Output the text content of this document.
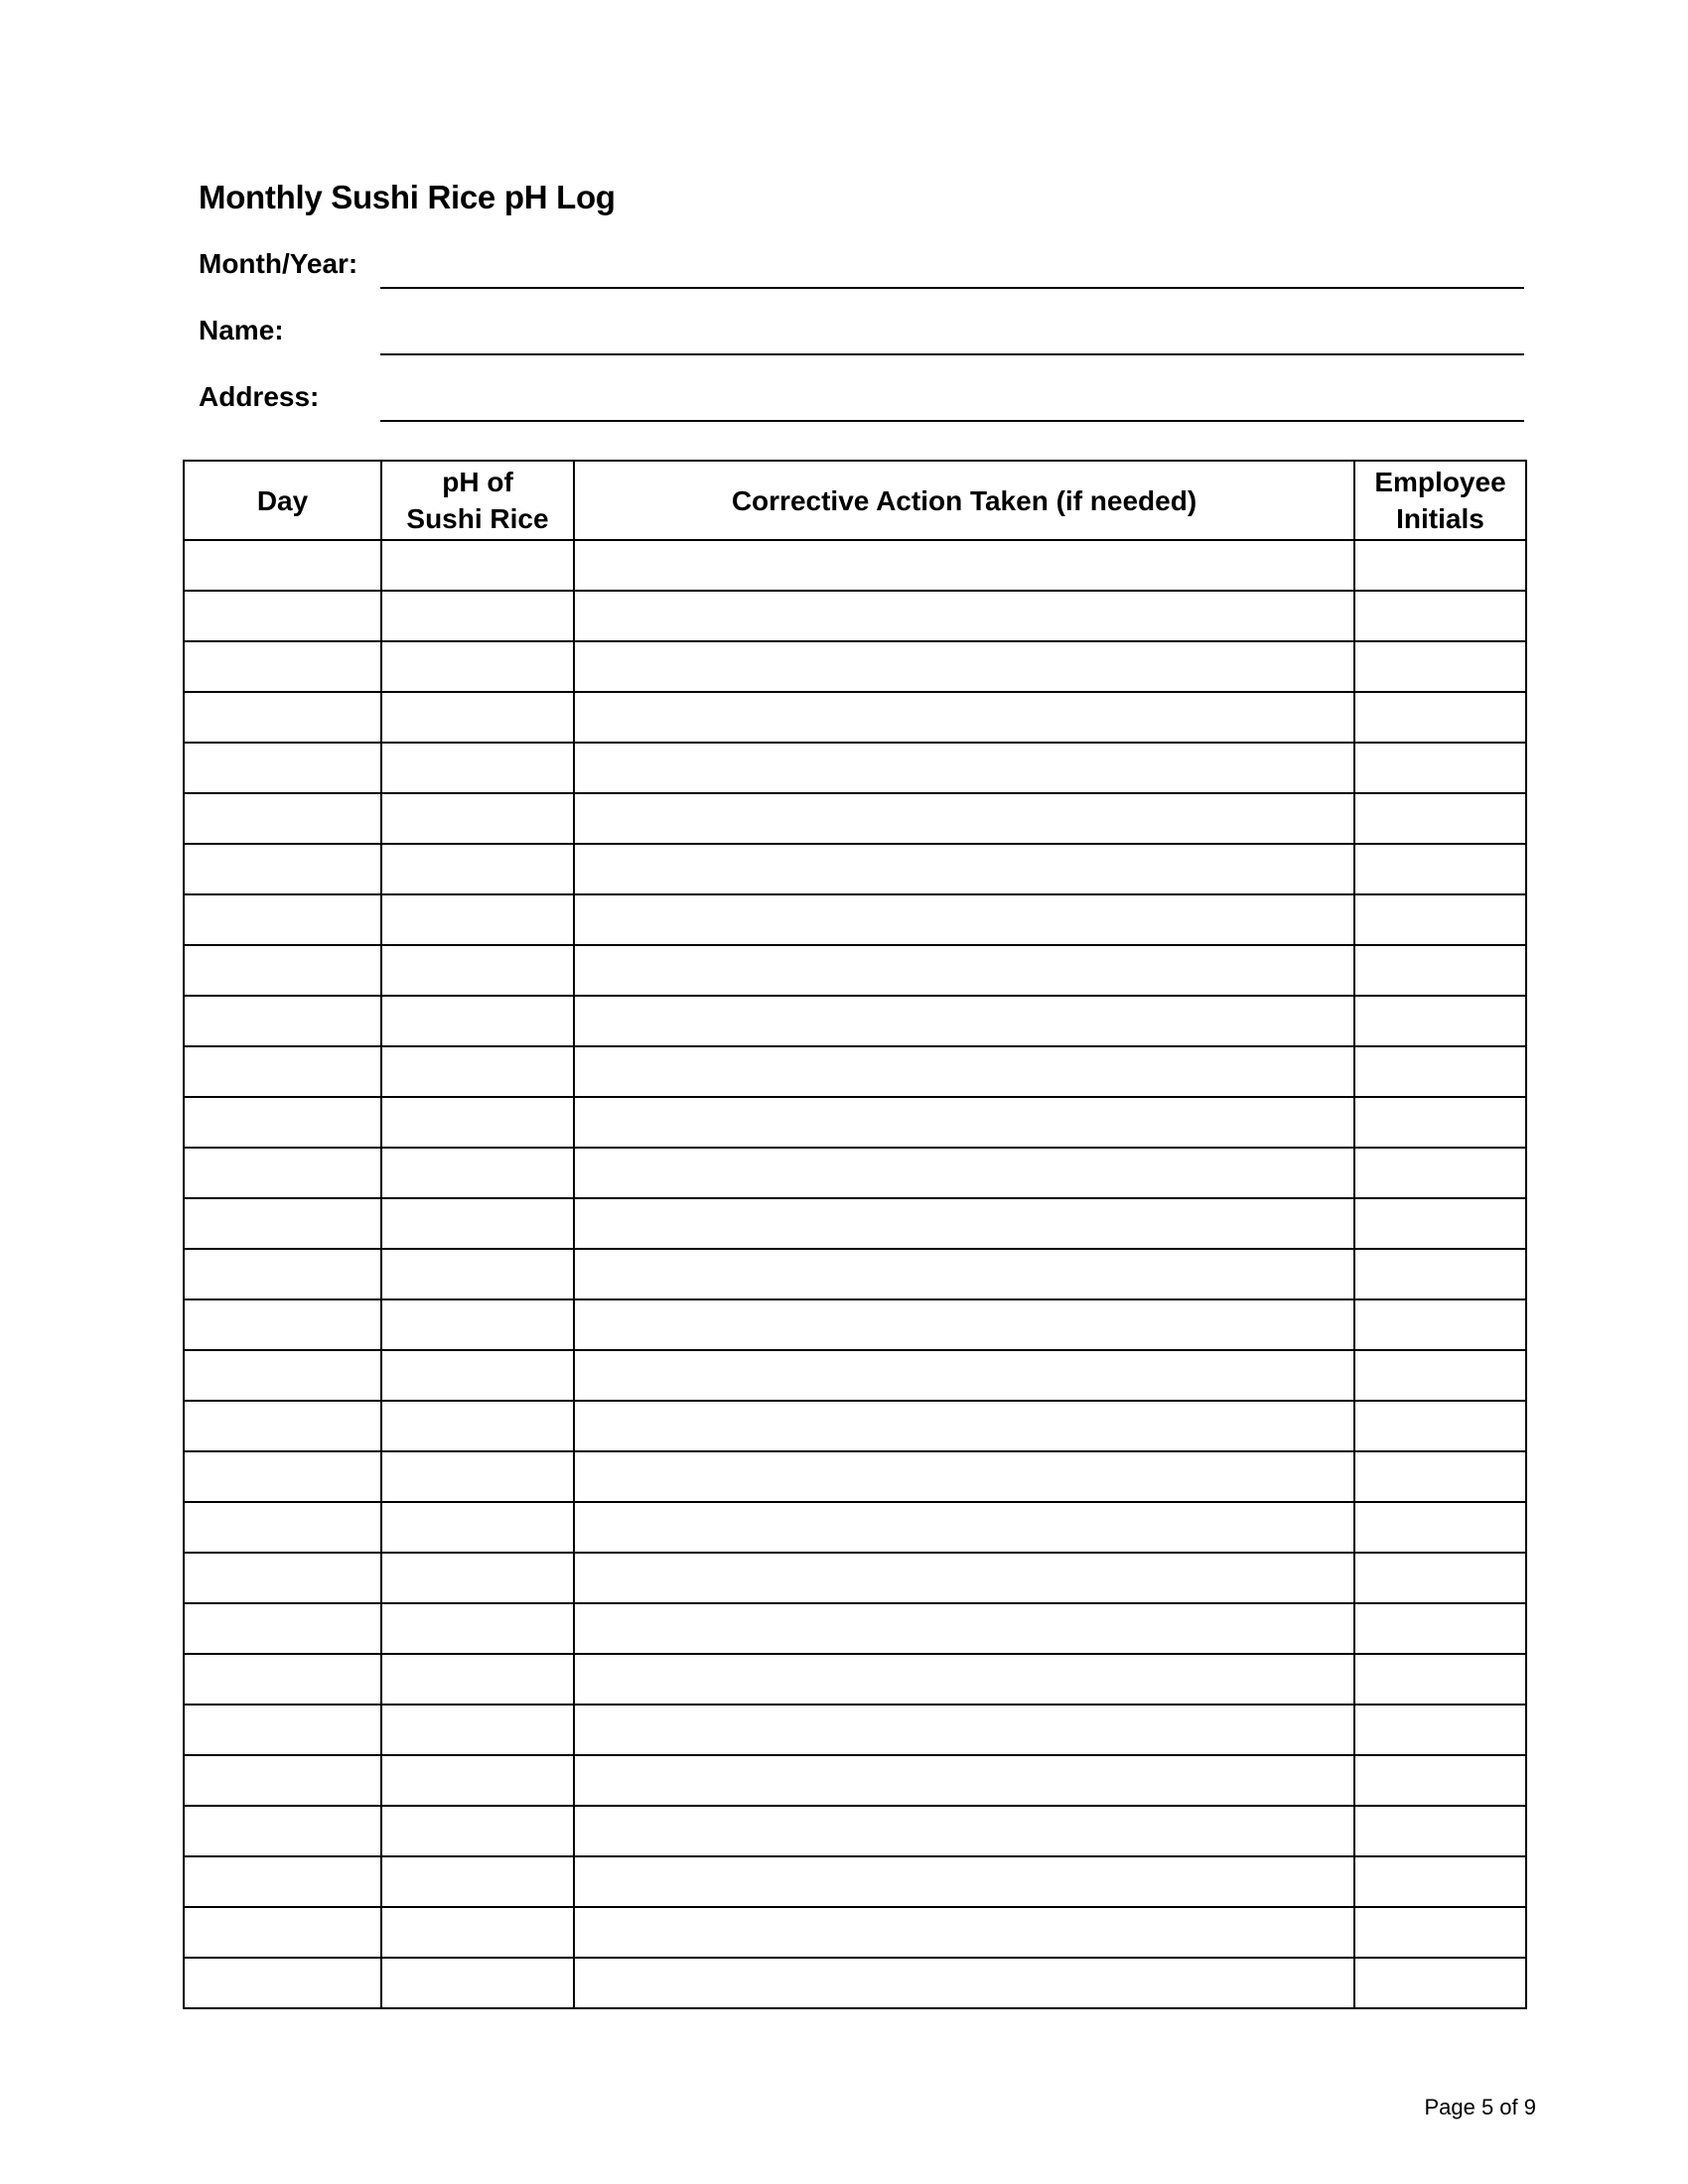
Monthly Sushi Rice pH Log
Month/Year:
Name:
Address:
Day	pH of Sushi Rice	Corrective Action Taken (if needed)	Employee Initials

Page 5 of 9
